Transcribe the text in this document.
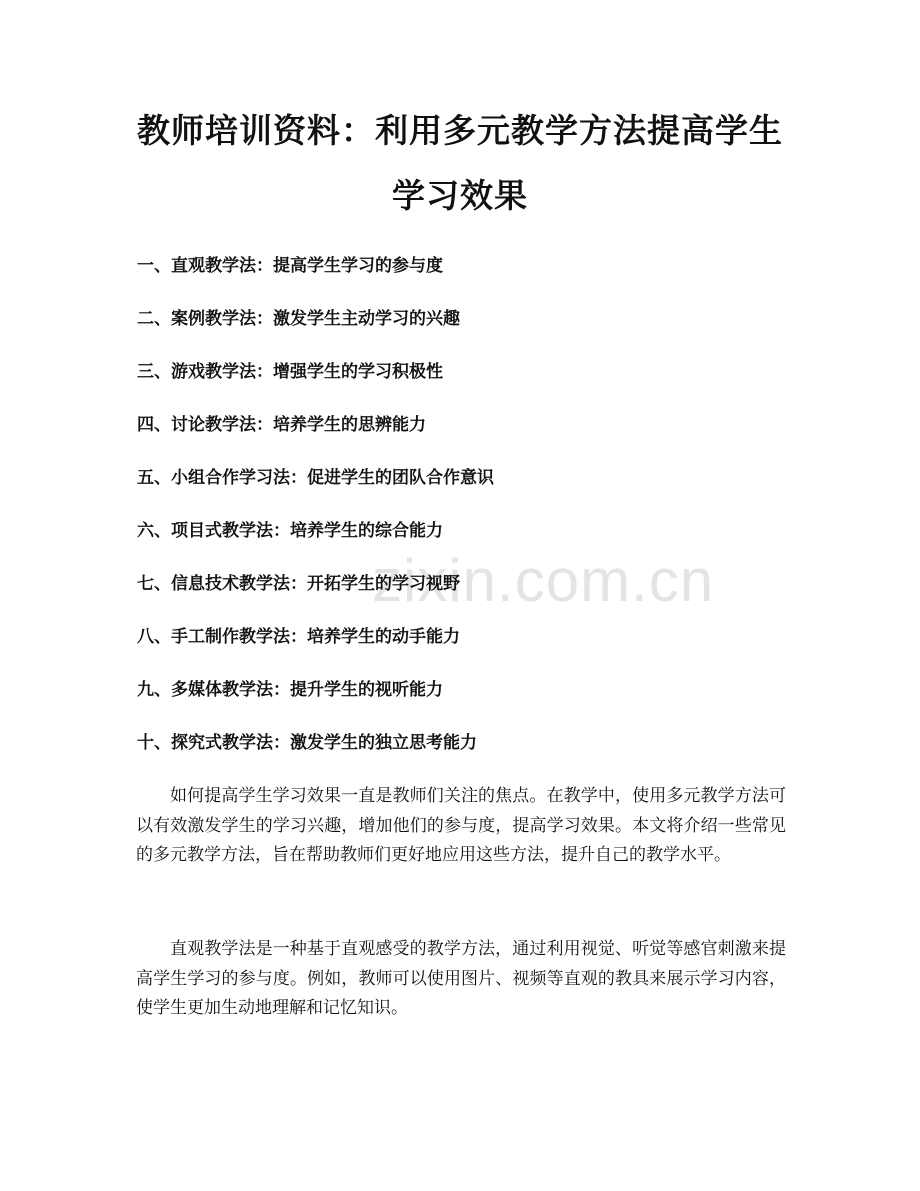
zixin.com.cn
教师培训资料：利用多元教学方法提高学生
学习效果
一、直观教学法：提高学生学习的参与度
二、案例教学法：激发学生主动学习的兴趣
三、游戏教学法：增强学生的学习积极性
四、讨论教学法：培养学生的思辨能力
五、小组合作学习法：促进学生的团队合作意识
六、项目式教学法：培养学生的综合能力
七、信息技术教学法：开拓学生的学习视野
八、手工制作教学法：培养学生的动手能力
九、多媒体教学法：提升学生的视听能力
十、探究式教学法：激发学生的独立思考能力

如何提高学生学习效果一直是教师们关注的焦点。在教学中，使用多元教学方法可以有效激发学生的学习兴趣，增加他们的参与度，提高学习效果。本文将介绍一些常见的多元教学方法，旨在帮助教师们更好地应用这些方法，提升自己的教学水平。

直观教学法是一种基于直观感受的教学方法，通过利用视觉、听觉等感官刺激来提高学生学习的参与度。例如，教师可以使用图片、视频等直观的教具来展示学习内容，使学生更加生动地理解和记忆知识。
